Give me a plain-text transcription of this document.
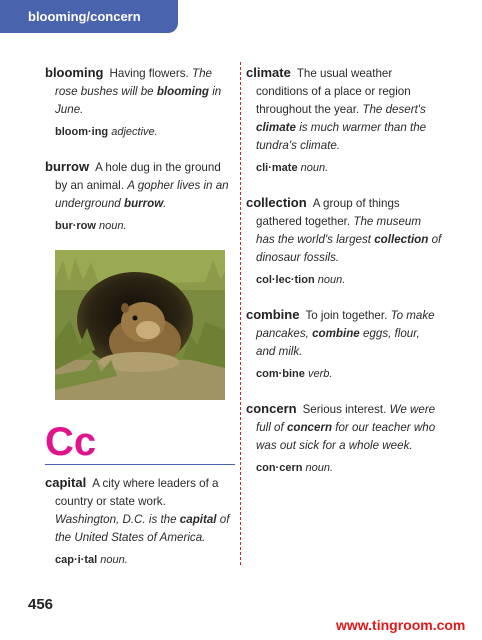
blooming/concern

blooming Having flowers. The rose bushes will be blooming in June.

bloom·ing adjective.

burrow A hole dug in the ground by an animal. A gopher lives in an underground burrow.

bur·row noun.

Cc

capital A city where leaders of a country or state work. Washington, D.C. is the capital of the United States of America.

cap·i·tal noun.

climate The usual weather conditions of a place or region throughout the year. The desert's climate is much warmer than the tundra's climate.

cli·mate noun.

collection A group of things gathered together. The museum has the world's largest collection of dinosaur fossils.

col·lec·tion noun.

combine To join together. To make pancakes, combine eggs, flour, and milk.

com·bine verb.

concern Serious interest. We were full of concern for our teacher who was out sick for a whole week.

con·cern noun.

456
www.tingroom.com
